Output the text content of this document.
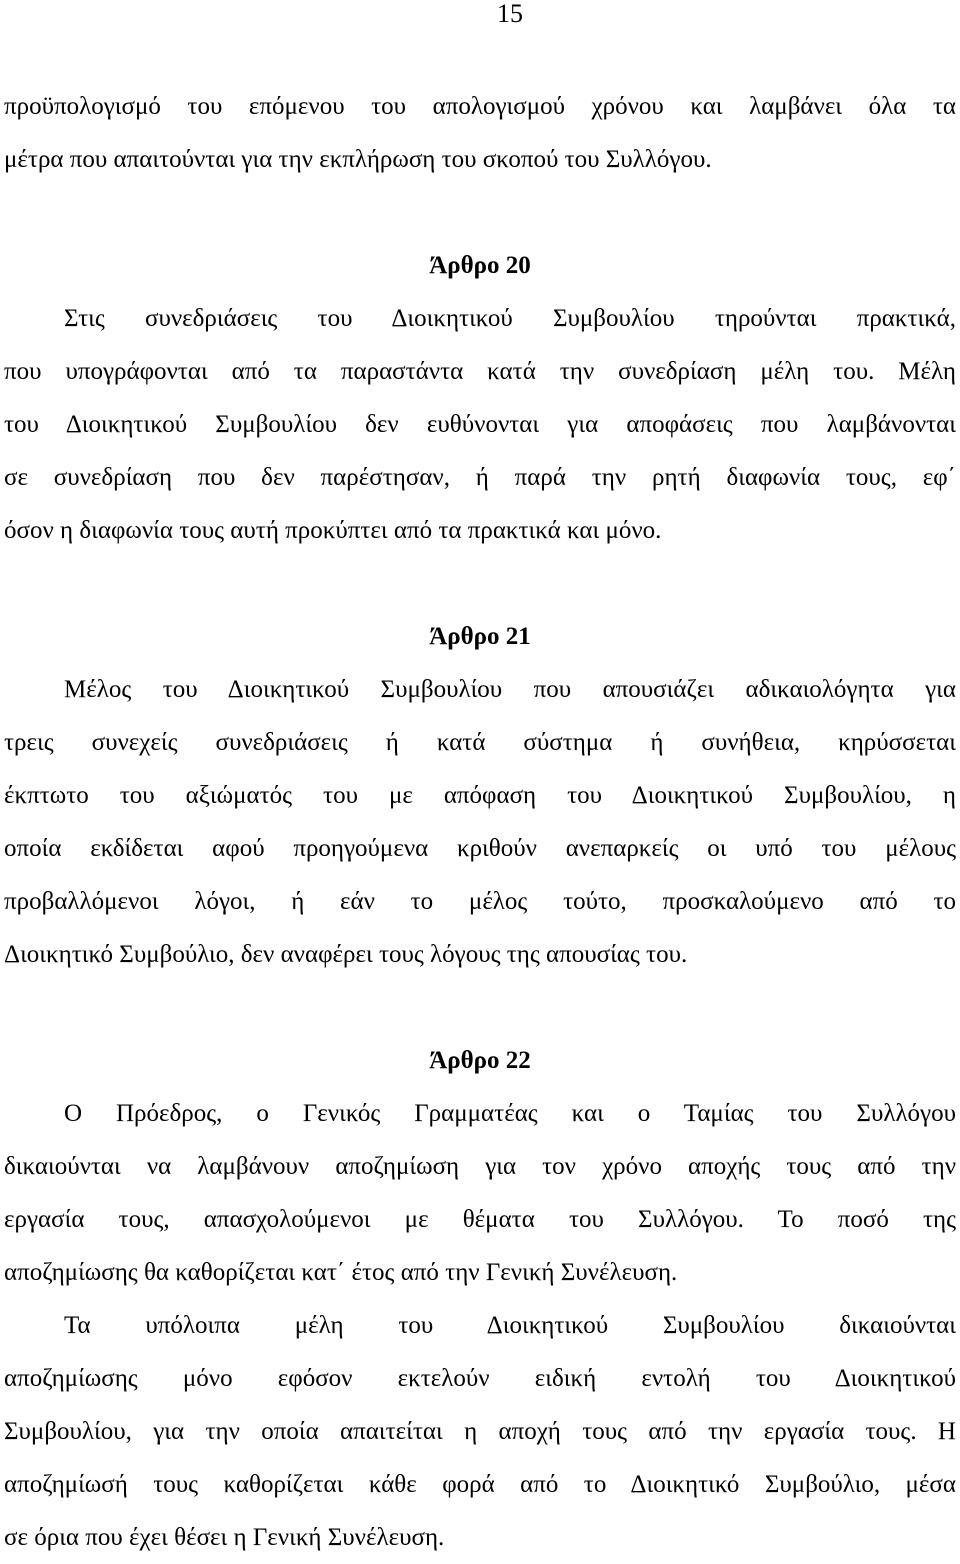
15
προϋπολογισμό του επόμενου του απολογισμού χρόνου και λαμβάνει όλα τα
μέτρα που απαιτούνται για την εκπλήρωση του σκοπού του Συλλόγου.
Άρθρο 20
Στις συνεδριάσεις του Διοικητικού Συμβουλίου τηρούνται πρακτικά,
που υπογράφονται από τα παραστάντα κατά την συνεδρίαση μέλη του. Μέλη
του Διοικητικού Συμβουλίου δεν ευθύνονται για αποφάσεις που λαμβάνονται
σε συνεδρίαση που δεν παρέστησαν, ή παρά την ρητή διαφωνία τους, εφ΄
όσον η διαφωνία τους αυτή προκύπτει από τα πρακτικά και μόνο.
Άρθρο 21
Μέλος του Διοικητικού Συμβουλίου που απουσιάζει αδικαιολόγητα για
τρεις συνεχείς συνεδριάσεις ή κατά σύστημα ή συνήθεια, κηρύσσεται
έκπτωτο του αξιώματός του με απόφαση του Διοικητικού Συμβουλίου, η
οποία εκδίδεται αφού προηγούμενα κριθούν ανεπαρκείς οι υπό του μέλους
προβαλλόμενοι λόγοι, ή εάν το μέλος τούτο, προσκαλούμενο από το
Διοικητικό Συμβούλιο, δεν αναφέρει τους λόγους της απουσίας του.
Άρθρο 22
Ο Πρόεδρος, ο Γενικός Γραμματέας και ο Ταμίας του Συλλόγου
δικαιούνται να λαμβάνουν αποζημίωση για τον χρόνο αποχής τους από την
εργασία τους, απασχολούμενοι με θέματα του Συλλόγου. Το ποσό της
αποζημίωσης θα καθορίζεται κατ΄ έτος από την Γενική Συνέλευση.
Τα υπόλοιπα μέλη του Διοικητικού Συμβουλίου δικαιούνται
αποζημίωσης μόνο εφόσον εκτελούν ειδική εντολή του Διοικητικού
Συμβουλίου, για την οποία απαιτείται η αποχή τους από την εργασία τους. Η
αποζημίωσή τους καθορίζεται κάθε φορά από το Διοικητικό Συμβούλιο, μέσα
σε όρια που έχει θέσει η Γενική Συνέλευση.
